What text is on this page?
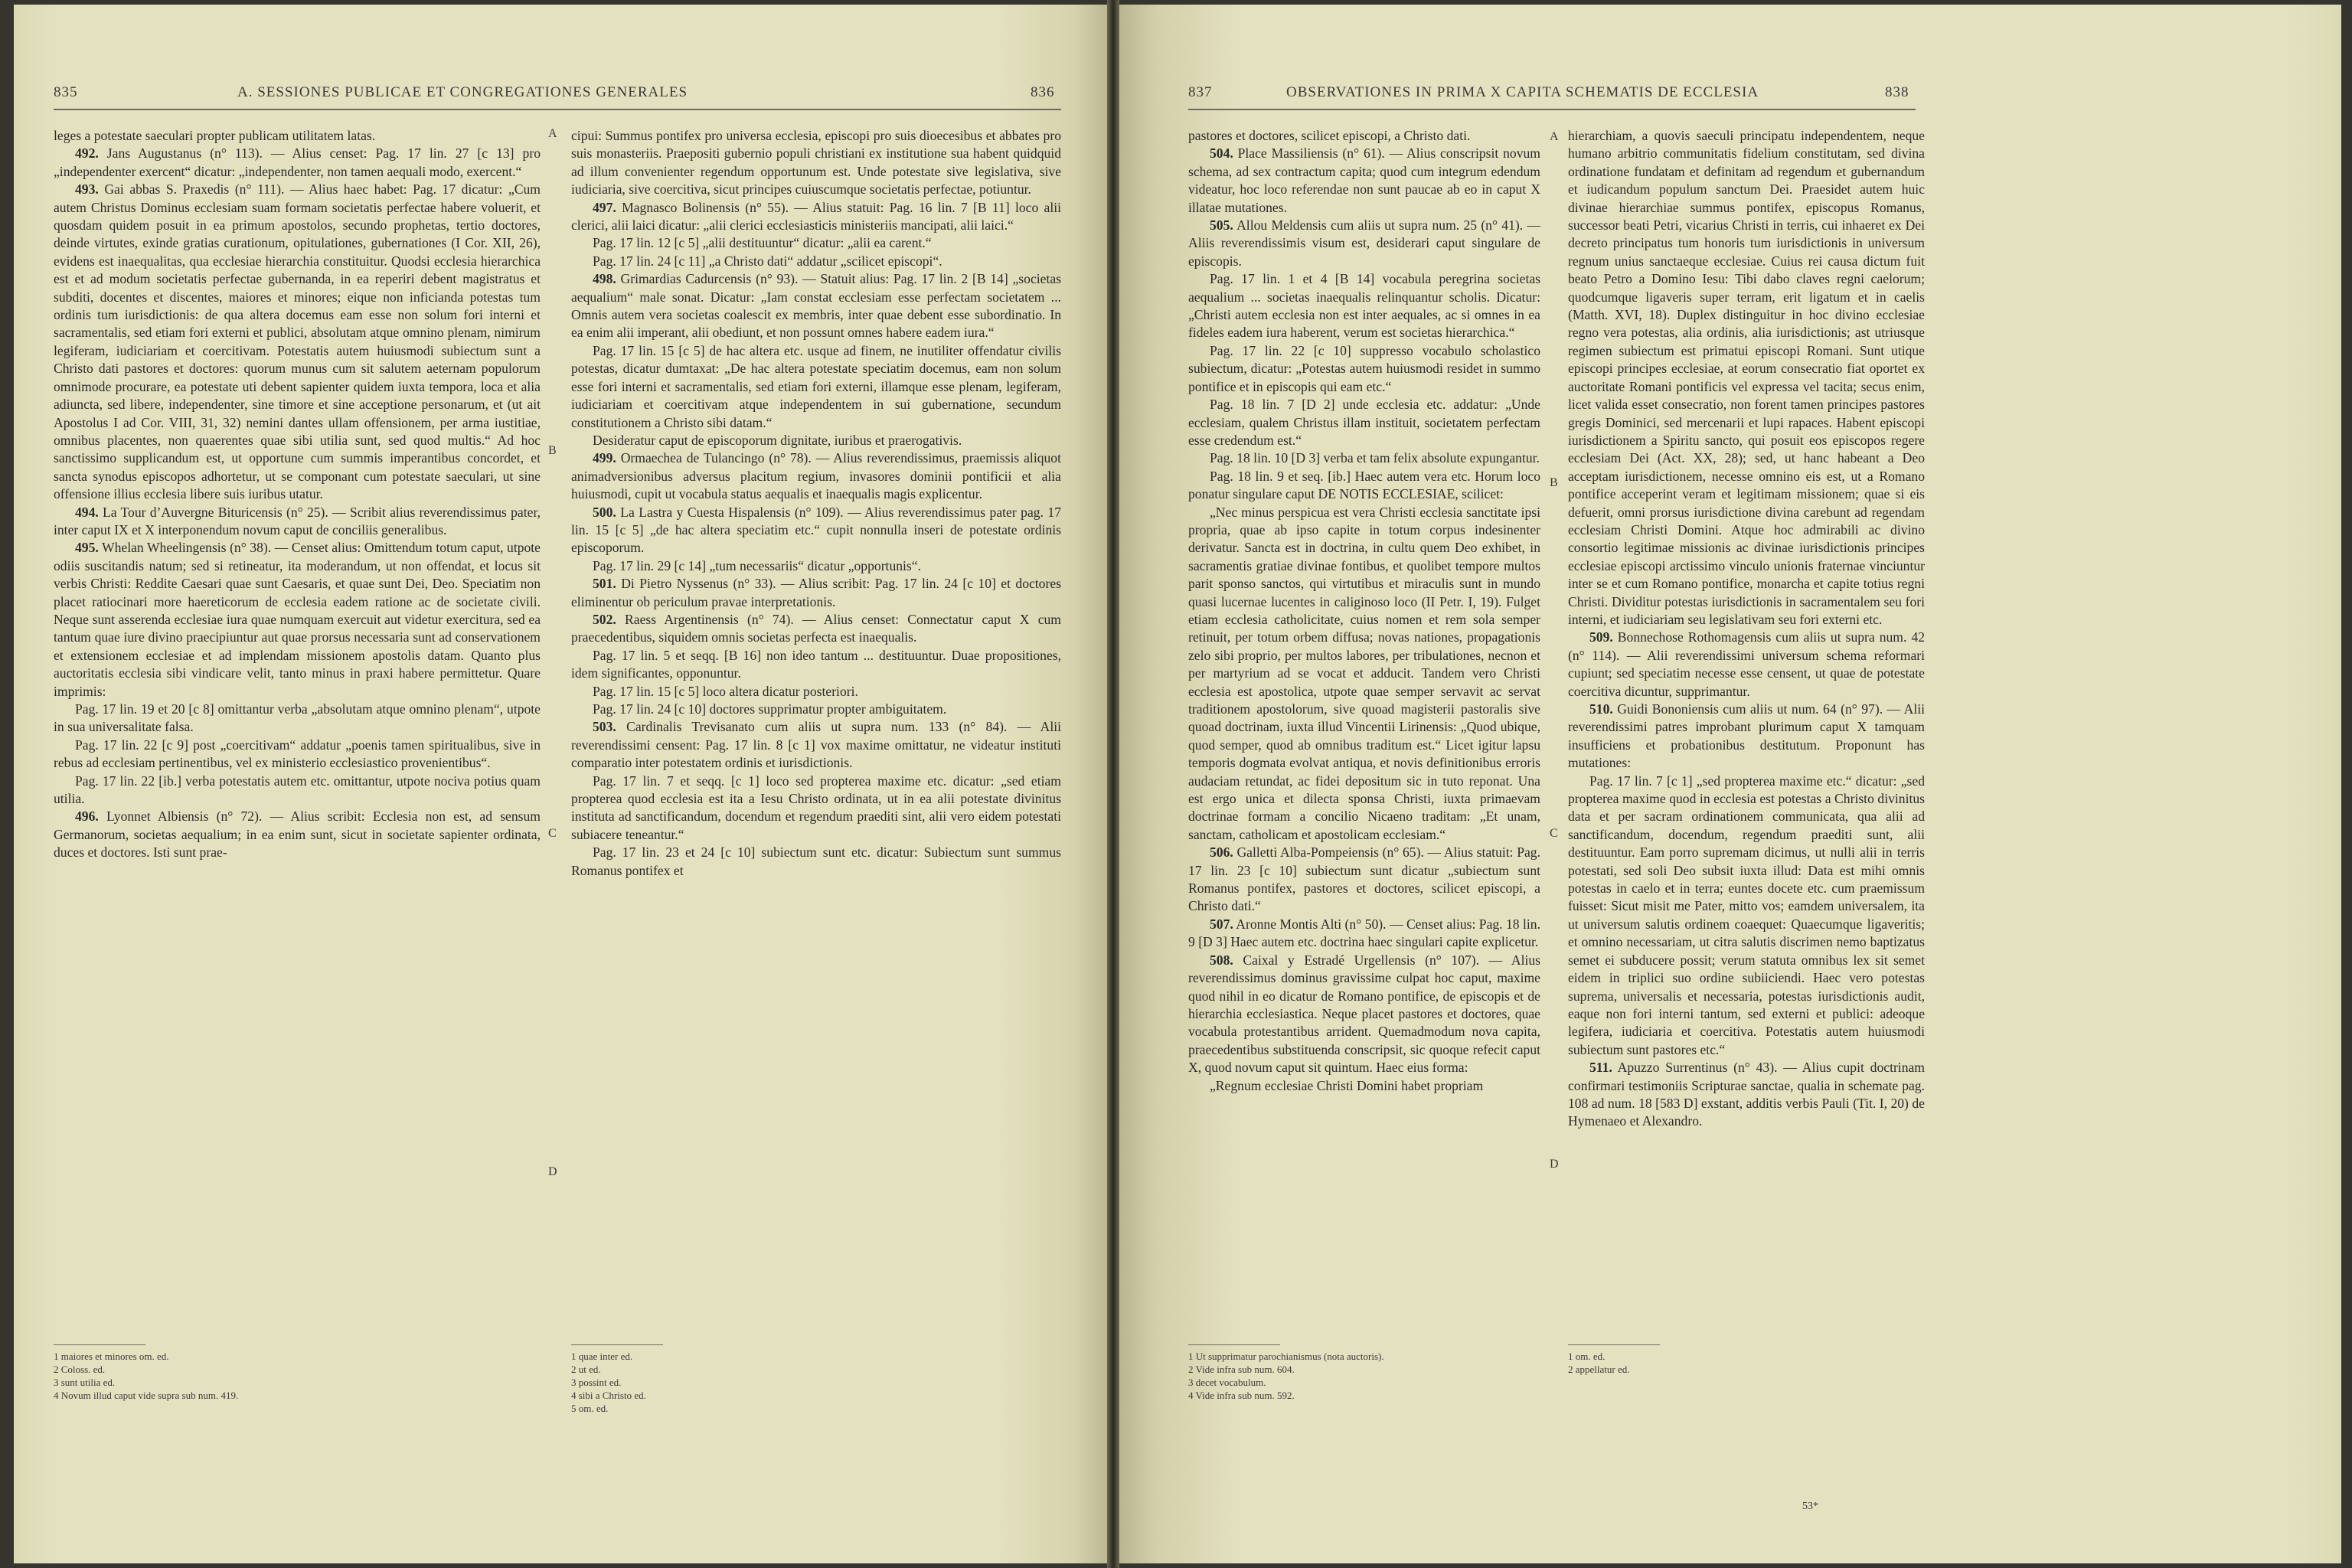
835	A. SESSIONES PUBLICAE ET CONGREGATIONES GENERALES	836

leges a potestate saeculari propter publicam utilitatem latas.

492. Jans Augustanus (n° 113). — Alius censet: Pag. 17 lin. 27 [c 13] pro „independenter exercent“ dicatur: „independenter, non tamen aequali modo, exercent.“

493. Gai abbas S. Praxedis (n° 111). — Alius haec habet: Pag. 17 dicatur: „Cum autem Christus Dominus ecclesiam suam formam societatis perfectae habere voluerit, et quosdam quidem posuit in ea primum apostolos, secundo prophetas, tertio doctores, deinde virtutes, exinde gratias curationum, opitulationes, gubernationes (I Cor. XII, 26), evidens est inaequalitas, qua ecclesiae hierarchia constituitur. Quodsi ecclesia hierarchica est et ad modum societatis perfectae gubernanda, in ea reperiri debent magistratus et subditi, docentes et discentes, maiores et minores; eique non inficianda potestas tum ordinis tum iurisdictionis: de qua altera docemus eam esse non solum fori interni et sacramentalis, sed etiam fori externi et publici, absolutam atque omnino plenam, nimirum legiferam, iudiciariam et coercitivam. Potestatis autem huiusmodi subiectum sunt a Christo dati pastores et doctores: quorum munus cum sit salutem aeternam populorum omnimode procurare, ea potestate uti debent sapienter quidem iuxta tempora, loca et alia adiuncta, sed libere, independenter, sine timore et sine acceptione personarum, et (ut ait Apostolus I ad Cor. VIII, 31, 32) nemini dantes ullam offensionem, per arma iustitiae, omnibus placentes, non quaerentes quae sibi utilia sunt, sed quod multis.“ Ad hoc sanctissimo supplicandum est, ut opportune cum summis imperantibus concordet, et sancta synodus episcopos adhortetur, ut se componant cum potestate saeculari, ut sine offensione illius ecclesia libere suis iuribus utatur.

494. La Tour d’Auvergne Bituricensis (n° 25). — Scribit alius reverendissimus pater, inter caput IX et X interponendum novum caput de conciliis generalibus.

495. Whelan Wheelingensis (n° 38). — Censet alius: Omittendum totum caput, utpote odiis suscitandis natum; sed si retineatur, ita moderandum, ut non offendat, et locus sit verbis Christi: Reddite Caesari quae sunt Caesaris, et quae sunt Dei, Deo. Speciatim non placet ratiocinari more haereticorum de ecclesia eadem ratione ac de societate civili. Neque sunt asserenda ecclesiae iura quae numquam exercuit aut videtur exercitura, sed ea tantum quae iure divino praecipiuntur aut quae prorsus necessaria sunt ad conservationem et extensionem ecclesiae et ad implendam missionem apostolis datam. Quanto plus auctoritatis ecclesia sibi vindicare velit, tanto minus in praxi habere permittetur. Quare imprimis:

Pag. 17 lin. 19 et 20 [c 8] omittantur verba „absolutam atque omnino plenam“, utpote in sua universalitate falsa.

Pag. 17 lin. 22 [c 9] post „coercitivam“ addatur „poenis tamen spiritualibus, sive in rebus ad ecclesiam pertinentibus, vel ex ministerio ecclesiastico provenientibus“.

Pag. 17 lin. 22 [ib.] verba potestatis autem etc. omittantur, utpote nociva potius quam utilia.

496. Lyonnet Albiensis (n° 72). — Alius scribit: Ecclesia non est, ad sensum Germanorum, societas aequalium; in ea enim sunt, sicut in societate sapienter ordinata, duces et doctores. Isti sunt prae-

cipui: Summus pontifex pro universa ecclesia, episcopi pro suis dioecesibus et abbates pro suis monasteriis. Praepositi gubernio populi christiani ex institutione sua habent quidquid ad illum convenienter regendum opportunum est. Unde potestate sive legislativa, sive iudiciaria, sive coercitiva, sicut principes cuiuscumque societatis perfectae, potiuntur.

497. Magnasco Bolinensis (n° 55). — Alius statuit: Pag. 16 lin. 7 [B 11] loco alii clerici, alii laici dicatur: „alii clerici ecclesiasticis ministeriis mancipati, alii laici.“

Pag. 17 lin. 12 [c 5] „alii destituuntur“ dicatur: „alii ea carent.“

Pag. 17 lin. 24 [c 11] „a Christo dati“ addatur „scilicet episcopi“.

498. Grimardias Cadurcensis (n° 93). — Statuit alius: Pag. 17 lin. 2 [B 14] „societas aequalium“ male sonat. Dicatur: „Iam constat ecclesiam esse perfectam societatem ... Omnis autem vera societas coalescit ex membris, inter quae debent esse subordinatio. In ea enim alii imperant, alii obediunt, et non possunt omnes habere eadem iura.“

Pag. 17 lin. 15 [c 5] de hac altera etc. usque ad finem, ne inutiliter offendatur civilis potestas, dicatur dumtaxat: „De hac altera potestate speciatim docemus, eam non solum esse fori interni et sacramentalis, sed etiam fori externi, illamque esse plenam, legiferam, iudiciariam et coercitivam atque independentem in sui gubernatione, secundum constitutionem a Christo sibi datam.“

Desideratur caput de episcoporum dignitate, iuribus et praerogativis.

499. Ormaechea de Tulancingo (n° 78). — Alius reverendissimus, praemissis aliquot animadversionibus adversus placitum regium, invasores dominii pontificii et alia huiusmodi, cupit ut vocabula status aequalis et inaequalis magis explicentur.

500. La Lastra y Cuesta Hispalensis (n° 109). — Alius reverendissimus pater pag. 17 lin. 15 [c 5] „de hac altera speciatim etc.“ cupit nonnulla inseri de potestate ordinis episcoporum.

Pag. 17 lin. 29 [c 14] „tum necessariis“ dicatur „opportunis“.

501. Di Pietro Nyssenus (n° 33). — Alius scribit: Pag. 17 lin. 24 [c 10] et doctores eliminentur ob periculum pravae interpretationis.

502. Raess Argentinensis (n° 74). — Alius censet: Connectatur caput X cum praecedentibus, siquidem omnis societas perfecta est inaequalis.

Pag. 17 lin. 5 et seqq. [B 16] non ideo tantum ... destituuntur. Duae propositiones, idem significantes, opponuntur.

Pag. 17 lin. 15 [c 5] loco altera dicatur posteriori.

Pag. 17 lin. 24 [c 10] doctores supprimatur propter ambiguitatem.

503. Cardinalis Trevisanato cum aliis ut supra num. 133 (n° 84). — Alii reverendissimi censent: Pag. 17 lin. 8 [c 1] vox maxime omittatur, ne videatur instituti comparatio inter potestatem ordinis et iurisdictionis.

Pag. 17 lin. 7 et seqq. [c 1] loco sed propterea maxime etc. dicatur: „sed etiam propterea quod ecclesia est ita a Iesu Christo ordinata, ut in ea alii potestate divinitus instituta ad sanctificandum, docendum et regendum praediti sint, alii vero eidem potestati subiacere teneantur.“

Pag. 17 lin. 23 et 24 [c 10] subiectum sunt etc. dicatur: Subiectum sunt summus Romanus pontifex et

A
B
C
D
1 maiores et minores om. ed.
2 Coloss. ed.
3 sunt utilia ed.
4 Novum illud caput vide supra sub num. 419.
1 quae inter ed.
2 ut ed.
3 possint ed.
4 sibi a Christo ed.
5 om. ed.
837	OBSERVATIONES IN PRIMA X CAPITA SCHEMATIS DE ECCLESIA	838

pastores et doctores, scilicet episcopi, a Christo dati.

504. Place Massiliensis (n° 61). — Alius conscripsit novum schema, ad sex contractum capita; quod cum integrum edendum videatur, hoc loco referendae non sunt paucae ab eo in caput X illatae mutationes.

505. Allou Meldensis cum aliis ut supra num. 25 (n° 41). — Aliis reverendissimis visum est, desiderari caput singulare de episcopis.

Pag. 17 lin. 1 et 4 [B 14] vocabula peregrina societas aequalium ... societas inaequalis relinquantur scholis. Dicatur: „Christi autem ecclesia non est inter aequales, ac si omnes in ea fideles eadem iura haberent, verum est societas hierarchica.“

Pag. 17 lin. 22 [c 10] suppresso vocabulo scholastico subiectum, dicatur: „Potestas autem huiusmodi residet in summo pontifice et in episcopis qui eam etc.“

Pag. 18 lin. 7 [D 2] unde ecclesia etc. addatur: „Unde ecclesiam, qualem Christus illam instituit, societatem perfectam esse credendum est.“

Pag. 18 lin. 10 [D 3] verba et tam felix absolute expungantur.

Pag. 18 lin. 9 et seq. [ib.] Haec autem vera etc. Horum loco ponatur singulare caput DE NOTIS ECCLESIAE, scilicet:

„Nec minus perspicua est vera Christi ecclesia sanctitate ipsi propria, quae ab ipso capite in totum corpus indesinenter derivatur. Sancta est in doctrina, in cultu quem Deo exhibet, in sacramentis gratiae divinae fontibus, et quolibet tempore multos parit sponso sanctos, qui virtutibus et miraculis sunt in mundo quasi lucernae lucentes in caliginoso loco (II Petr. I, 19). Fulget etiam ecclesia catholicitate, cuius nomen et rem sola semper retinuit, per totum orbem diffusa; novas nationes, propagationis zelo sibi proprio, per multos labores, per tribulationes, necnon et per martyrium ad se vocat et adducit. Tandem vero Christi ecclesia est apostolica, utpote quae semper servavit ac servat traditionem apostolorum, sive quoad magisterii pastoralis sive quoad doctrinam, iuxta illud Vincentii Lirinensis: „Quod ubique, quod semper, quod ab omnibus traditum est.“ Licet igitur lapsu temporis dogmata evolvat antiqua, et novis definitionibus erroris audaciam retundat, ac fidei depositum sic in tuto reponat. Una est ergo unica et dilecta sponsa Christi, iuxta primaevam doctrinae formam a concilio Nicaeno traditam: „Et unam, sanctam, catholicam et apostolicam ecclesiam.“

506. Galletti Alba-Pompeiensis (n° 65). — Alius statuit: Pag. 17 lin. 23 [c 10] subiectum sunt dicatur „subiectum sunt Romanus pontifex, pastores et doctores, scilicet episcopi, a Christo dati.“

507. Aronne Montis Alti (n° 50). — Censet alius: Pag. 18 lin. 9 [D 3] Haec autem etc. doctrina haec singulari capite explicetur.

508. Caixal y Estradé Urgellensis (n° 107). — Alius reverendissimus dominus gravissime culpat hoc caput, maxime quod nihil in eo dicatur de Romano pontifice, de episcopis et de hierarchia ecclesiastica. Neque placet pastores et doctores, quae vocabula protestantibus arrident. Quemadmodum nova capita, praecedentibus substituenda conscripsit, sic quoque refecit caput X, quod novum caput sit quintum. Haec eius forma:

„Regnum ecclesiae Christi Domini habet propriam

hierarchiam, a quovis saeculi principatu independentem, neque humano arbitrio communitatis fidelium constitutam, sed divina ordinatione fundatam et definitam ad regendum et gubernandum et iudicandum populum sanctum Dei. Praesidet autem huic divinae hierarchiae summus pontifex, episcopus Romanus, successor beati Petri, vicarius Christi in terris, cui inhaeret ex Dei decreto principatus tum honoris tum iurisdictionis in universum regnum unius sanctaeque ecclesiae. Cuius rei causa dictum fuit beato Petro a Domino Iesu: Tibi dabo claves regni caelorum; quodcumque ligaveris super terram, erit ligatum et in caelis (Matth. XVI, 18). Duplex distinguitur in hoc divino ecclesiae regno vera potestas, alia ordinis, alia iurisdictionis; ast utriusque regimen subiectum est primatui episcopi Romani. Sunt utique episcopi principes ecclesiae, at eorum consecratio fiat oportet ex auctoritate Romani pontificis vel expressa vel tacita; secus enim, licet valida esset consecratio, non forent tamen principes pastores gregis Dominici, sed mercenarii et lupi rapaces. Habent episcopi iurisdictionem a Spiritu sancto, qui posuit eos episcopos regere ecclesiam Dei (Act. XX, 28); sed, ut hanc habeant a Deo acceptam iurisdictionem, necesse omnino eis est, ut a Romano pontifice acceperint veram et legitimam missionem; quae si eis defuerit, omni prorsus iurisdictione divina carebunt ad regendam ecclesiam Christi Domini. Atque hoc admirabili ac divino consortio legitimae missionis ac divinae iurisdictionis principes ecclesiae episcopi arctissimo vinculo unionis fraternae vinciuntur inter se et cum Romano pontifice, monarcha et capite totius regni Christi. Dividitur potestas iurisdictionis in sacramentalem seu fori interni, et iudiciariam seu legislativam seu fori externi etc.

509. Bonnechose Rothomagensis cum aliis ut supra num. 42 (n° 114). — Alii reverendissimi universum schema reformari cupiunt; sed speciatim necesse esse censent, ut quae de potestate coercitiva dicuntur, supprimantur.

510. Guidi Bononiensis cum aliis ut num. 64 (n° 97). — Alii reverendissimi patres improbant plurimum caput X tamquam insufficiens et probationibus destitutum. Proponunt has mutationes:

Pag. 17 lin. 7 [c 1] „sed propterea maxime etc.“ dicatur: „sed propterea maxime quod in ecclesia est potestas a Christo divinitus data et per sacram ordinationem communicata, qua alii ad sanctificandum, docendum, regendum praediti sunt, alii destituuntur. Eam porro supremam dicimus, ut nulli alii in terris potestati, sed soli Deo subsit iuxta illud: Data est mihi omnis potestas in caelo et in terra; euntes docete etc. cum praemissum fuisset: Sicut misit me Pater, mitto vos; eamdem universalem, ita ut universum salutis ordinem coaequet: Quaecumque ligaveritis; et omnino necessariam, ut citra salutis discrimen nemo baptizatus semet ei subducere possit; verum statuta omnibus lex sit semet eidem in triplici suo ordine subiiciendi. Haec vero potestas suprema, universalis et necessaria, potestas iurisdictionis audit, eaque non fori interni tantum, sed externi et publici: adeoque legifera, iudiciaria et coercitiva. Potestatis autem huiusmodi subiectum sunt pastores etc.“

511. Apuzzo Surrentinus (n° 43). — Alius cupit doctrinam confirmari testimoniis Scripturae sanctae, qualia in schemate pag. 108 ad num. 18 [583 D] exstant, additis verbis Pauli (Tit. I, 20) de Hymenaeo et Alexandro.

A
B
C
D
1 Ut supprimatur parochianismus (nota auctoris).
2 Vide infra sub num. 604.
3 decet vocabulum.
4 Vide infra sub num. 592.
1 om. ed.
2 appellatur ed.
53*
